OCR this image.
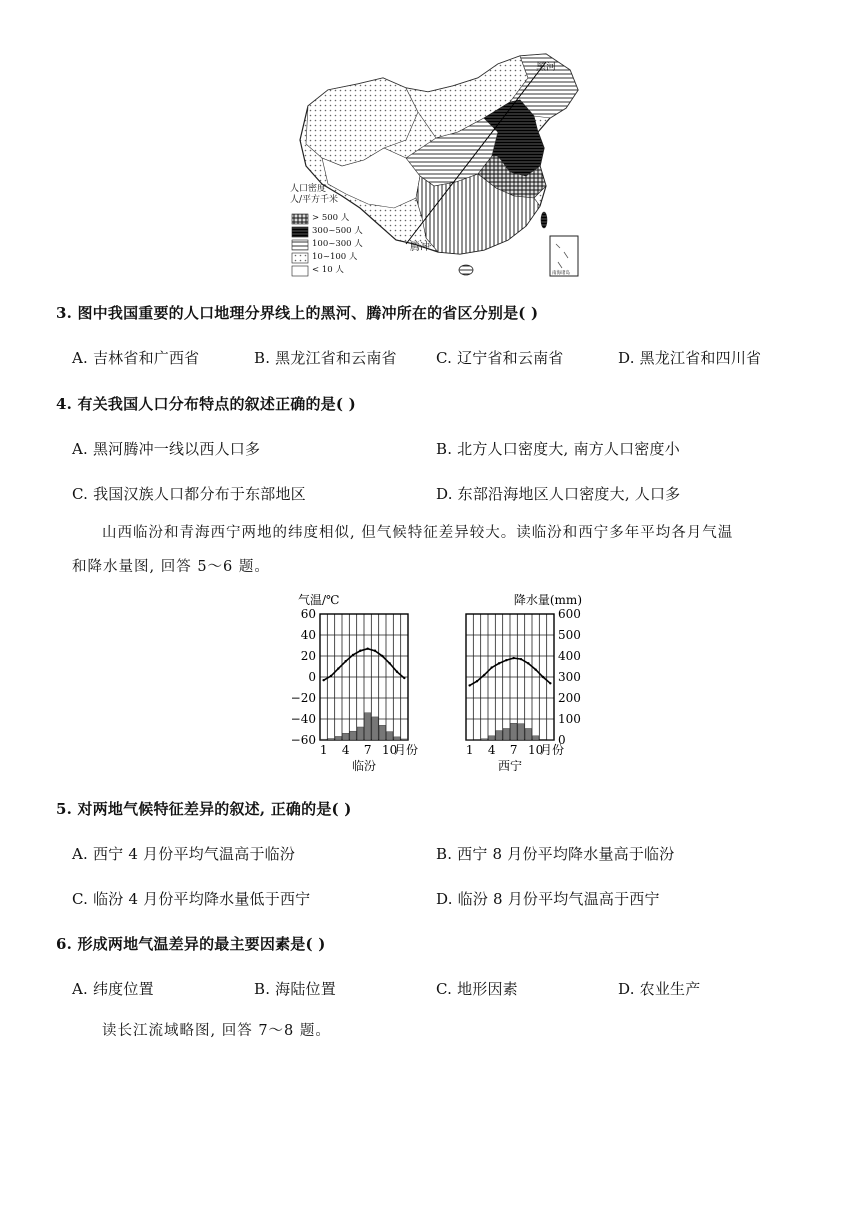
黑河
腾冲
人口密度
人/平方千米
> 500 人
300~500 人
100~300 人
10~100 人
< 10 人	南海诸岛
3. 图中我国重要的人口地理分界线上的黑河、腾冲所在的省区分别是( )
A. 吉林省和广西省	B. 黑龙江省和云南省	C. 辽宁省和云南省	D. 黑龙江省和四川省
4. 有关我国人口分布特点的叙述正确的是( )
A. 黑河腾冲一线以西人口多	B. 北方人口密度大, 南方人口密度小
C. 我国汉族人口都分布于东部地区	D. 东部沿海地区人口密度大, 人口多
山西临汾和青海西宁两地的纬度相似, 但气候特征差异较大。读临汾和西宁多年平均各月气温
和降水量图, 回答 5～6 题。
1 4 7 10
月份
临汾
60
40
20
0
−20
−40
−60
气温/℃
1 4 7 10
月份
西宁
600
500
400
300
200
100
0
降水量(mm)
5. 对两地气候特征差异的叙述, 正确的是( )
A. 西宁 4 月份平均气温高于临汾	B. 西宁 8 月份平均降水量高于临汾
C. 临汾 4 月份平均降水量低于西宁	D. 临汾 8 月份平均气温高于西宁
6. 形成两地气温差异的最主要因素是( )
A. 纬度位置	B. 海陆位置	C. 地形因素	D. 农业生产
读长江流域略图, 回答 7～8 题。
